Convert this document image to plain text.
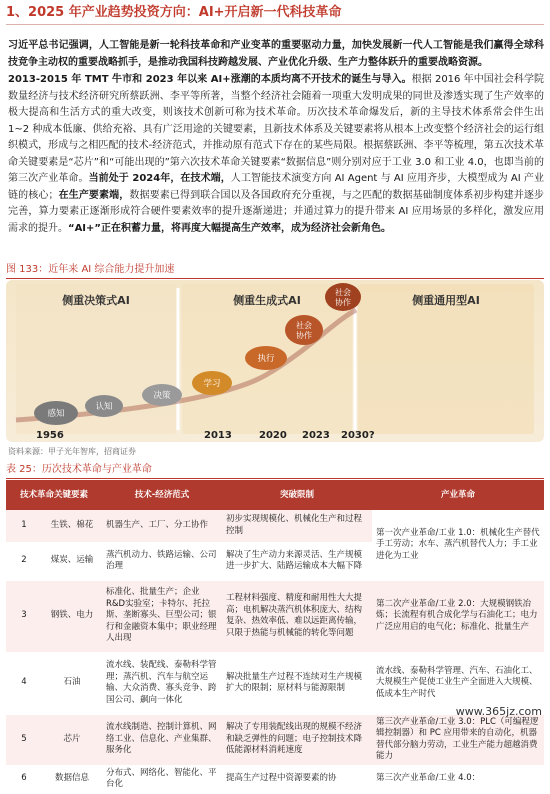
1、2025 年产业趋势投资方向：AI+开启新一代科技革命

习近平总书记强调，人工智能是新一轮科技革命和产业变革的重要驱动力量，加快发展新一代人工智能是我们赢得全球科技竞争主动权的重要战略抓手，是推动我国科技跨越发展、产业优化升级、生产力整体跃升的重要战略资源。

2013-2015 年 TMT 牛市和 2023 年以来 AI+涨潮的本质均离不开技术的诞生与导入。根据 2016 年中国社会科学院数量经济与技术经济研究所蔡跃洲、李平等所著，当整个经济社会随着一项重大发明成果的同世及渗透实现了生产效率的极大提高和生活方式的重大改变，则该技术创新可称为技术革命。历次技术革命爆发后，新的主导技术体系常会伴生出 1~2 种成本低廉、供给充裕、具有广泛用途的关键要素，且新技术体系及关键要素将从根本上改变整个经济社会的运行组织模式，形成与之相匹配的技术-经济范式，并推动原有范式下存在的某些局限。根据蔡跃洲、李平等梳理，第五次技术革命关键要素是“芯片”和“可能出现的”第六次技术革命关键要素“数据信息”则分别对应于工业 3.0 和工业 4.0，也即当前的第三次产业革命。当前处于 2024年，在技术端，人工智能技术演变方向 AI Agent 与 AI 应用齐步，大模型成为 AI 产业链的核心；在生产要素端，数据要素已得到联合国以及各国政府充分重视，与之匹配的数据基础制度体系初步构建并逐步完善，算力要素正逐渐形成符合硬件要素效率的提升逐渐递进；并通过算力的提升带来 AI 应用场景的多样化，激发应用需求的提升。“AI+”正在积蓄力量，将再度大幅提高生产效率，成为经济社会新角色。

图 133：近年来 AI 综合能力提升加速
侧重决策式AI	侧重生成式AI	侧重通用型AI
感知
认知
决策
学习
执行
社会
协作
社会
协作
1956	2013	2020 2023 2030?
资料来源：甲子光年智库，招商证券
表 25：历次技术革命与产业革命
技术革命关键要素		技术-经济范式	突破限制	产业革命
1	生铁、棉花	机器生产、工厂、分工协作	初步实现规模化、机械化生产和过程控制	第一次产业革命/工业 1.0：机械化生产替代手工劳动；水车、蒸汽机替代人力；手工业进化为工业
2	煤炭、运输	蒸汽机动力、铁路运输、公司治理	解决了生产动力来源灵活、生产规模进一步扩大、陆路运输成本大幅下降	
3	钢铁、电力	标准化、批量生产；企业R&D实验室；卡特尔、托拉斯、垄断寡头、巨型公司；银行和金融资本集中；职业经理人出现	工程材料强度、精度和耐用性大大提高；电机解决蒸汽机体积庞大、结构复杂、热效率低、难以远距离传输，只限于热能与机械能的转化等问题	第二次产业革命/工业 2.0：大规模钢铁冶炼；长流程有机合成化学与石油化工；电力广泛应用启的电气化；标准化、批量生产
4	石油	流水线、装配线、泰勒科学管理；蒸汽机、汽车与航空运输、大众消费、寡头竞争、跨国公司、飙向一体化	解决批量生产过程不连续对生产规模扩大的限制；原材料与能源限制	流水线、泰勒科学管理、汽车、石油化工、大规模生产促使工业生产全面进入大规模、低成本生产时代
5	芯片	流水线制造、控制计算机、网络工业、信息化、产业集群、服务化	解决了专用装配线出现的规模不经济和缺乏弹性的问题；电子控制技术降低能源材料消耗速度	第三次产业革命/工业 3.0：PLC（可编程逻辑控制器）和 PC 应用带来的自动化，机器替代部分脑力劳动，工业生产能力超越消费能力
6	数据信息	分布式、网络化、智能化、平台化	提高生产过程中资源要素的协	第三次产业革命/工业 4.0：
www.365jz.com
